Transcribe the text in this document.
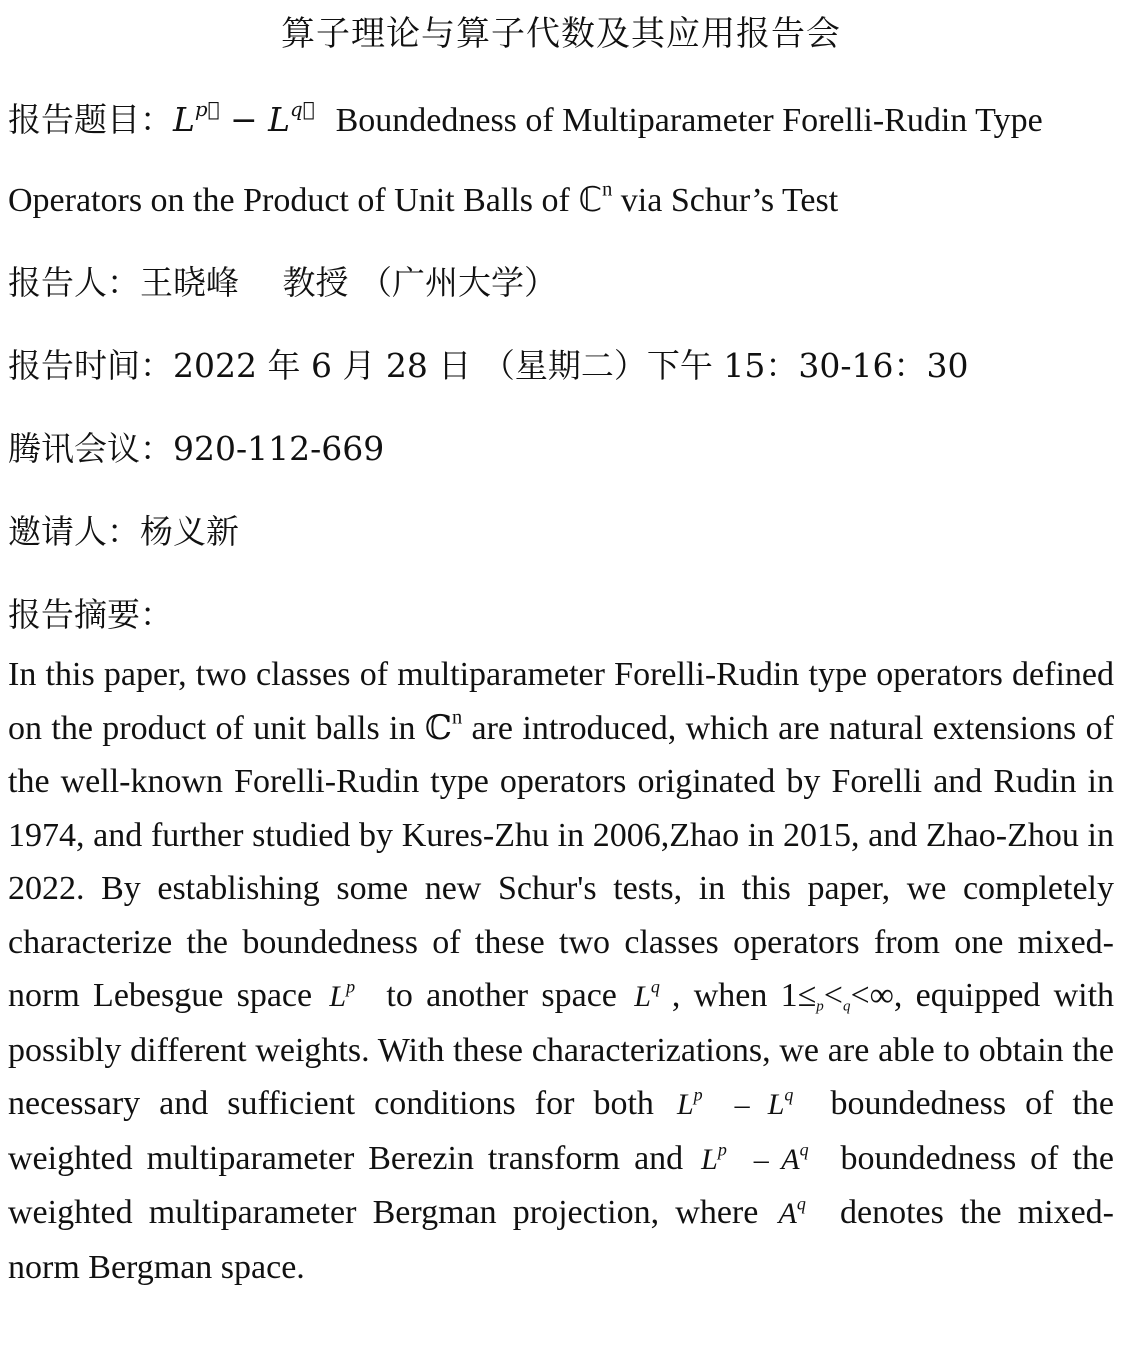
算子理论与算子代数及其应用报告会
报告题目：$L^{p⃗} - L^{q⃗}$ Boundedness of Multiparameter Forelli-Rudin Type
Operators on the Product of Unit Balls of ℂ$^n$ via Schur’s Test
报告人：王晓峰　 教授 （广州大学）
报告时间：2022 年 6 月 28 日 （星期二）下午 15：30-16：30
腾讯会议：920-112-669
邀请人：杨义新
报告摘要：
In this paper, two classes of multiparameter Forelli-Rudin type operators defined on the product of unit balls in ℂ$^n$ are introduced, which are natural extensions of the well-known Forelli-Rudin type operators originated by Forelli and Rudin in 1974, and further studied by Kures-Zhu in 2006,Zhao in 2015, and Zhao-Zhou in 2022. By establishing some new Schur's tests, in this paper, we completely characterize the boundedness of these two classes operators from one mixed-norm Lebesgue space $L^{p⃗}$ to another space $L^{q⃗}$, when $1\le_p<_q<\infty$, equipped with possibly different weights. With these characterizations, we are able to obtain the necessary and sufficient conditions for both $L^{p⃗} - L^{q⃗}$ boundedness of the weighted multiparameter Berezin transform and $L^{p⃗} - A^{q⃗}$ boundedness of the weighted multiparameter Bergman projection, where $A^{q⃗}$ denotes the mixed-norm Bergman space.
